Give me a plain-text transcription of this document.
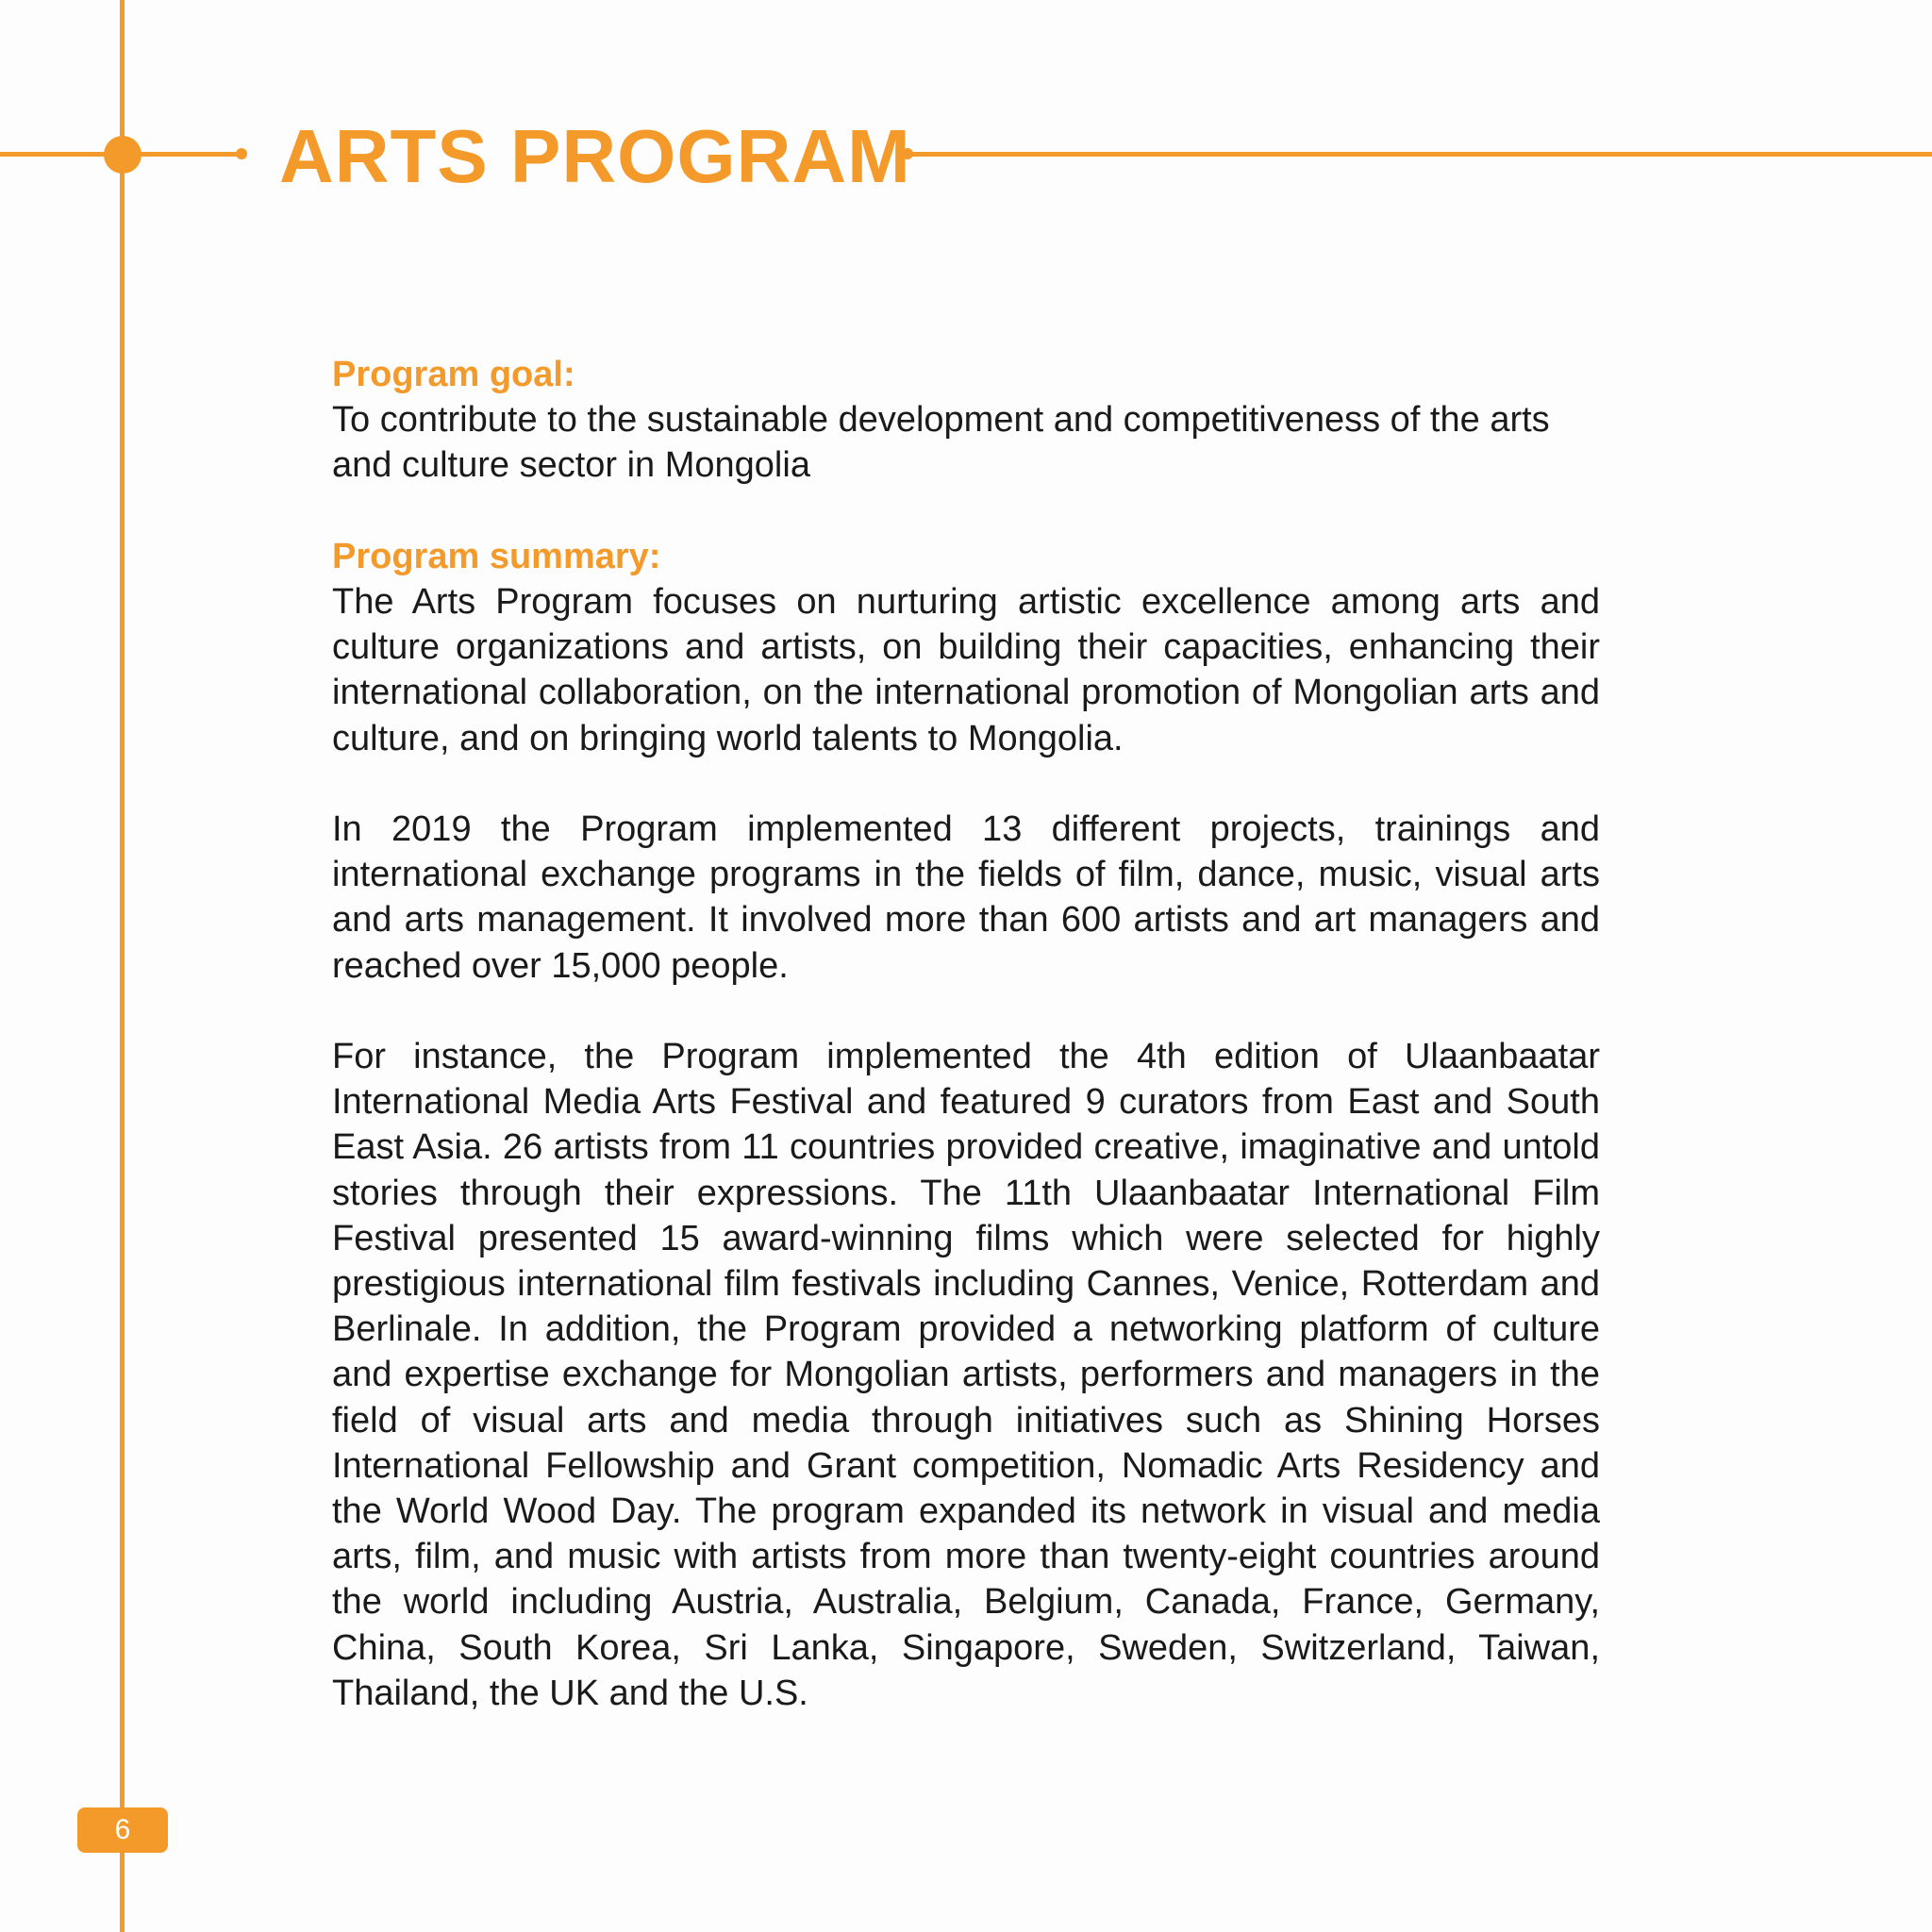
ARTS PROGRAM

Program goal:

To contribute to the sustainable development and competitiveness of the arts and culture sector in Mongolia

Program summary:

The Arts Program focuses on nurturing artistic excellence among arts and culture organizations and artists, on building their capacities, enhancing their international collaboration, on the international promotion of Mongolian arts and culture, and on bringing world talents to Mongolia.

In 2019 the Program implemented 13 different projects, trainings and international exchange programs in the fields of film, dance, music, visual arts and arts management. It involved more than 600 artists and art managers and reached over 15,000 people.

For instance, the Program implemented the 4th edition of Ulaanbaatar International Media Arts Festival and featured 9 curators from East and South East Asia. 26 artists from 11 countries provided creative, imaginative and untold stories through their expressions. The 11th Ulaanbaatar International Film Festival presented 15 award-winning films which were selected for highly prestigious international film festivals including Cannes, Venice, Rotterdam and Berlinale. In addition, the Program provided a networking platform of culture and expertise exchange for Mongolian artists, performers and managers in the field of visual arts and media through initiatives such as Shining Horses International Fellowship and Grant competition, Nomadic Arts Residency and the World Wood Day. The program expanded its network in visual and media arts, film, and music with artists from more than twenty-eight countries around the world including Austria, Australia, Belgium, Canada, France, Germany, China, South Korea, Sri Lanka, Singapore, Sweden, Switzerland, Taiwan, Thailand, the UK and the U.S.

6
